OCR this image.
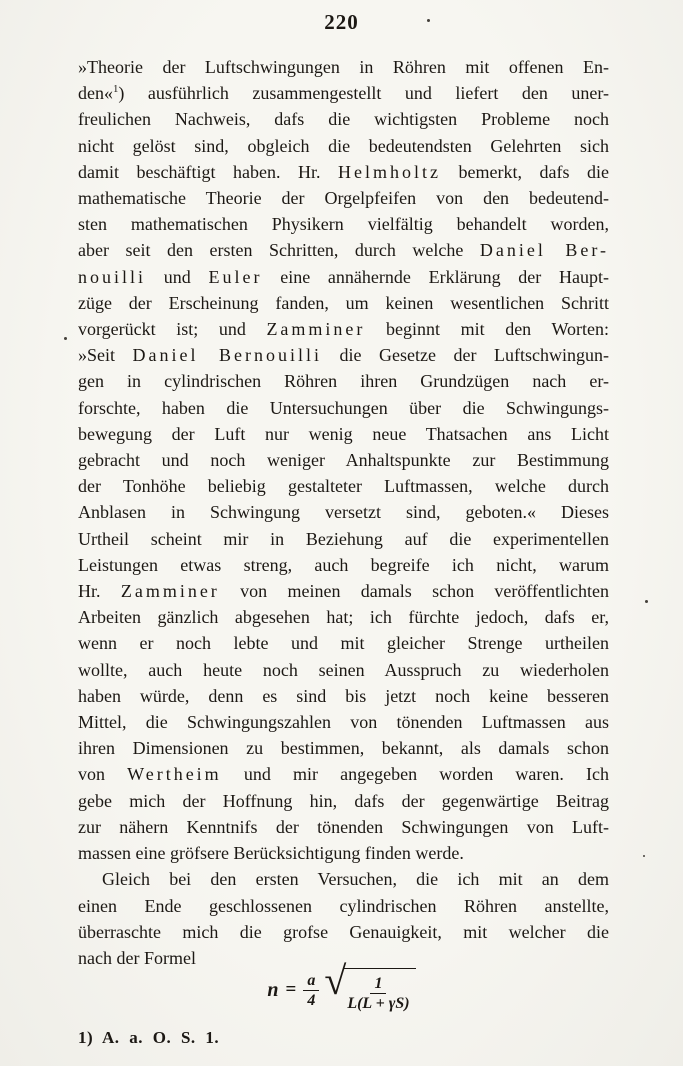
220
»Theorie der Luftschwingungen in Röhren mit offenen En-
den«$^1$) ausführlich zusammengestellt und liefert den uner-
freulichen Nachweis, dafs die wichtigsten Probleme noch
nicht gelöst sind, obgleich die bedeutendsten Gelehrten sich
damit beschäftigt haben. Hr. Helmholtz bemerkt, dafs die
mathematische Theorie der Orgelpfeifen von den bedeutend-
sten mathematischen Physikern vielfältig behandelt worden,
aber seit den ersten Schritten, durch welche Daniel Ber-
nouilli und Euler eine annähernde Erklärung der Haupt-
züge der Erscheinung fanden, um keinen wesentlichen Schritt
vorgerückt ist; und Zamminer beginnt mit den Worten:
»Seit Daniel Bernouilli die Gesetze der Luftschwingun-
gen in cylindrischen Röhren ihren Grundzügen nach er-
forschte, haben die Untersuchungen über die Schwingungs-
bewegung der Luft nur wenig neue Thatsachen ans Licht
gebracht und noch weniger Anhaltspunkte zur Bestimmung
der Tonhöhe beliebig gestalteter Luftmassen, welche durch
Anblasen in Schwingung versetzt sind, geboten.« Dieses
Urtheil scheint mir in Beziehung auf die experimentellen
Leistungen etwas streng, auch begreife ich nicht, warum
Hr. Zamminer von meinen damals schon veröffentlichten
Arbeiten gänzlich abgesehen hat; ich fürchte jedoch, dafs er,
wenn er noch lebte und mit gleicher Strenge urtheilen
wollte, auch heute noch seinen Ausspruch zu wiederholen
haben würde, denn es sind bis jetzt noch keine besseren
Mittel, die Schwingungszahlen von tönenden Luftmassen aus
ihren Dimensionen zu bestimmen, bekannt, als damals schon
von Wertheim und mir angegeben worden waren. Ich
gebe mich der Hoffnung hin, dafs der gegenwärtige Beitrag
zur nähern Kenntnifs der tönenden Schwingungen von Luft-
massen eine gröfsere Berücksichtigung finden werde.
Gleich bei den ersten Versuchen, die ich mit an dem
einen Ende geschlossenen cylindrischen Röhren anstellte,
überraschte mich die grofse Genauigkeit, mit welcher die
nach der Formel
$n = \frac{a}{4}$ √ $\frac{1}{L(L + \gamma S)}$
1) A. a. O. S. 1.
